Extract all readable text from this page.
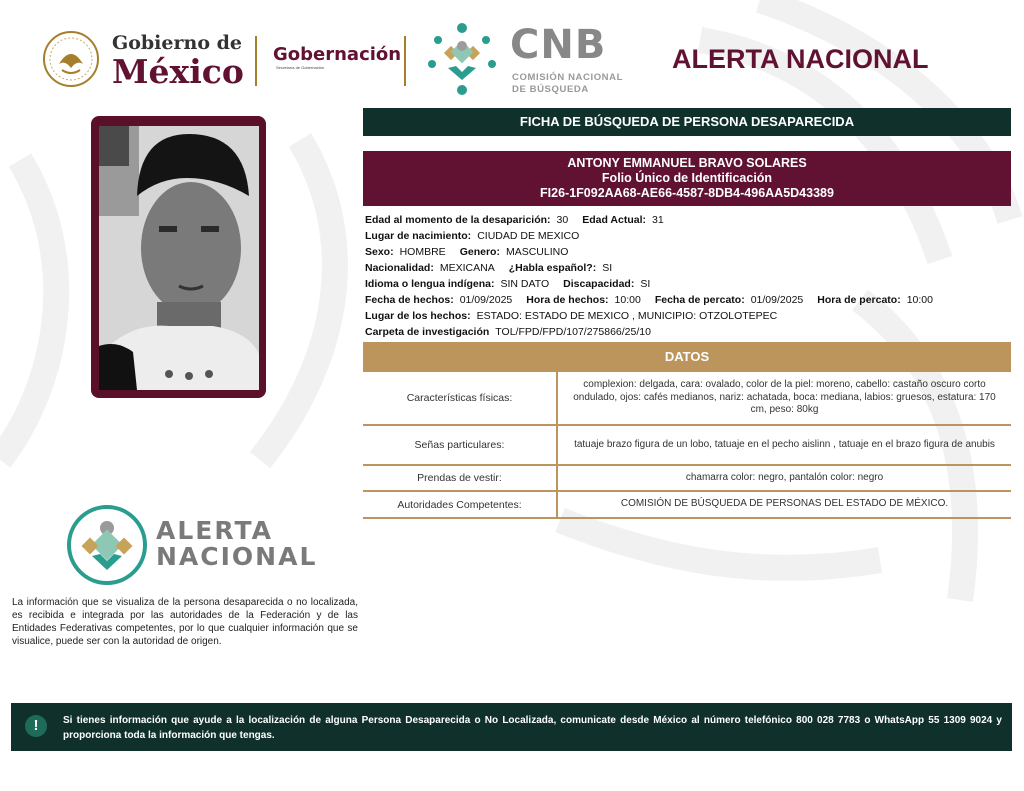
Gobierno de
México Gobernación
Secretaría de Gobernación	CNB
COMISIÓN NACIONAL
DE BÚSQUEDA
ALERTA NACIONAL
FICHA DE BÚSQUEDA DE PERSONA DESAPARECIDA
ANTONY EMMANUEL BRAVO SOLARES
Folio Único de Identificación
FI26-1F092AA68-AE66-4587-8DB4-496AA5D43389
Edad al momento de la desaparición: 30 Edad Actual: 31
Lugar de nacimiento: CIUDAD DE MEXICO
Sexo: HOMBRE Genero: MASCULINO
Nacionalidad: MEXICANA ¿Habla español?: SI
Idioma o lengua indígena: SIN DATO Discapacidad: SI
Fecha de hechos: 01/09/2025 Hora de hechos: 10:00 Fecha de percato: 01/09/2025 Hora de percato: 10:00
Lugar de los hechos: ESTADO: ESTADO DE MEXICO , MUNICIPIO: OTZOLOTEPEC
Carpeta de investigación TOL/FPD/FPD/107/275866/25/10
DATOS
Características físicas:
complexion: delgada, cara: ovalado, color de la piel: moreno, cabello: castaño oscuro corto ondulado, ojos: cafés medianos, nariz: achatada, boca: mediana, labios: gruesos, estatura: 170 cm, peso: 80kg
Señas particulares:	tatuaje brazo figura de un lobo, tatuaje en el pecho aislinn , tatuaje en el brazo figura de anubis
Prendas de vestir:	chamarra color: negro, pantalón color: negro
Autoridades Competentes:	COMISIÓN DE BÚSQUEDA DE PERSONAS DEL ESTADO DE MÉXICO.
ALERTA
NACIONAL
La información que se visualiza de la persona desaparecida o no localizada, es recibida e integrada por las autoridades de la Federación y de las Entidades Federativas competentes, por lo que cualquier información que se visualice, puede ser con la autoridad de origen.
!	Si tienes información que ayude a la localización de alguna Persona Desaparecida o No Localizada, comunicate desde México al número telefónico 800 028 7783 o WhatsApp 55 1309 9024 y proporciona toda la información que tengas.
